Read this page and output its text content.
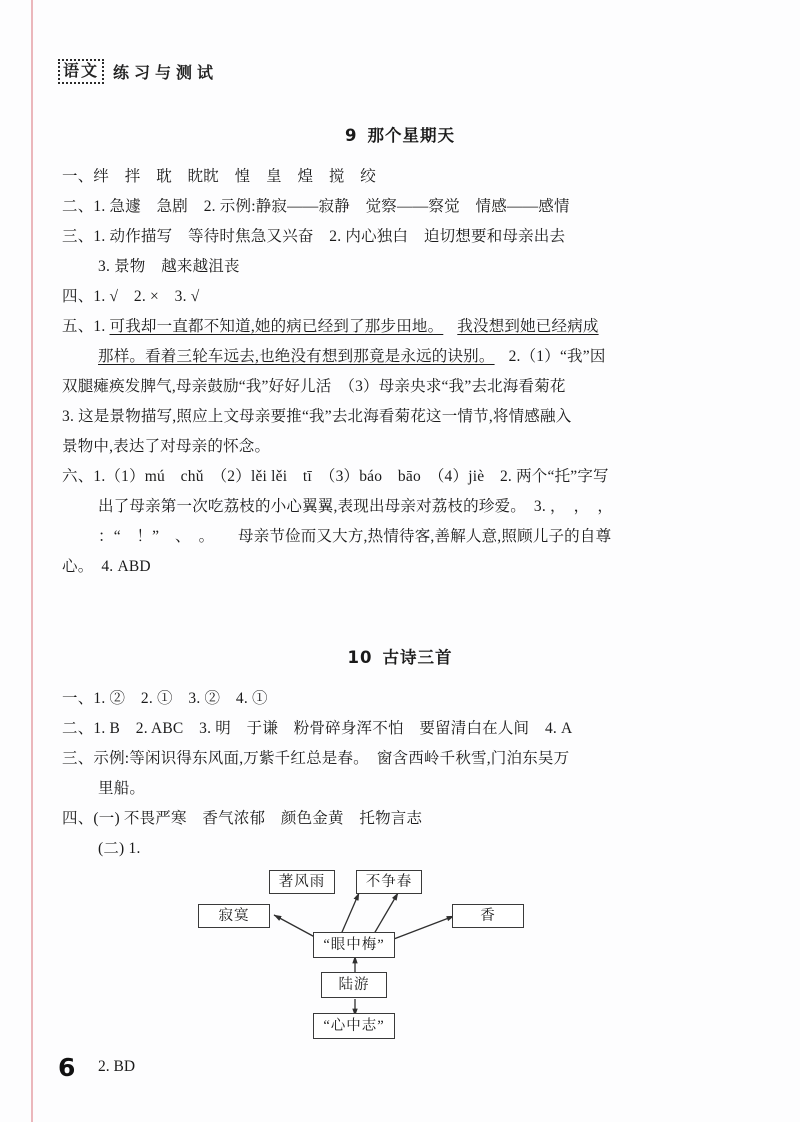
语文 练习与测试
9 那个星期天

一、绊　拌　耽　眈眈　惶　皇　煌　搅　绞

二、1. 急遽　急剧　2. 示例:静寂——寂静　觉察——察觉　情感——感情

三、1. 动作描写　等待时焦急又兴奋　2. 内心独白　迫切想要和母亲出去

3. 景物　越来越沮丧

四、1. √　2. ×　3. √

五、1. 可我却一直都不知道,她的病已经到了那步田地。 我没想到她已经病成

那样。看着三轮车远去,也绝没有想到那竟是永远的诀别。 2.（1）“我”因

双腿瘫痪发脾气,母亲鼓励“我”好好儿活　（3）母亲央求“我”去北海看菊花

3. 这是景物描写,照应上文母亲要推“我”去北海看菊花这一情节,将情感融入

景物中,表达了对母亲的怀念。

六、1.（1）mú　chǔ　（2）lěi lěi　tī　（3）báo　bāo　（4）jiè　2. 两个“托”字写

出了母亲第一次吃荔枝的小心翼翼,表现出母亲对荔枝的珍爱。　3. ，　，　，

：“　！”　、　。　　母亲节俭而又大方,热情待客,善解人意,照顾儿子的自尊

心。　4. ABD

10 古诗三首

一、1. ②　2. ①　3. ②　4. ①

二、1. B　2. ABC　3. 明　于谦　粉骨碎身浑不怕　要留清白在人间　4. A

三、示例:等闲识得东风面,万紫千红总是春。　窗含西岭千秋雪,门泊东吴万

里船。

四、(一) 不畏严寒　香气浓郁　颜色金黄　托物言志

(二) 1.

著风雨	不争春
寂寞	香
“眼中梅”
陆游
“心中志”

2. BD

6
